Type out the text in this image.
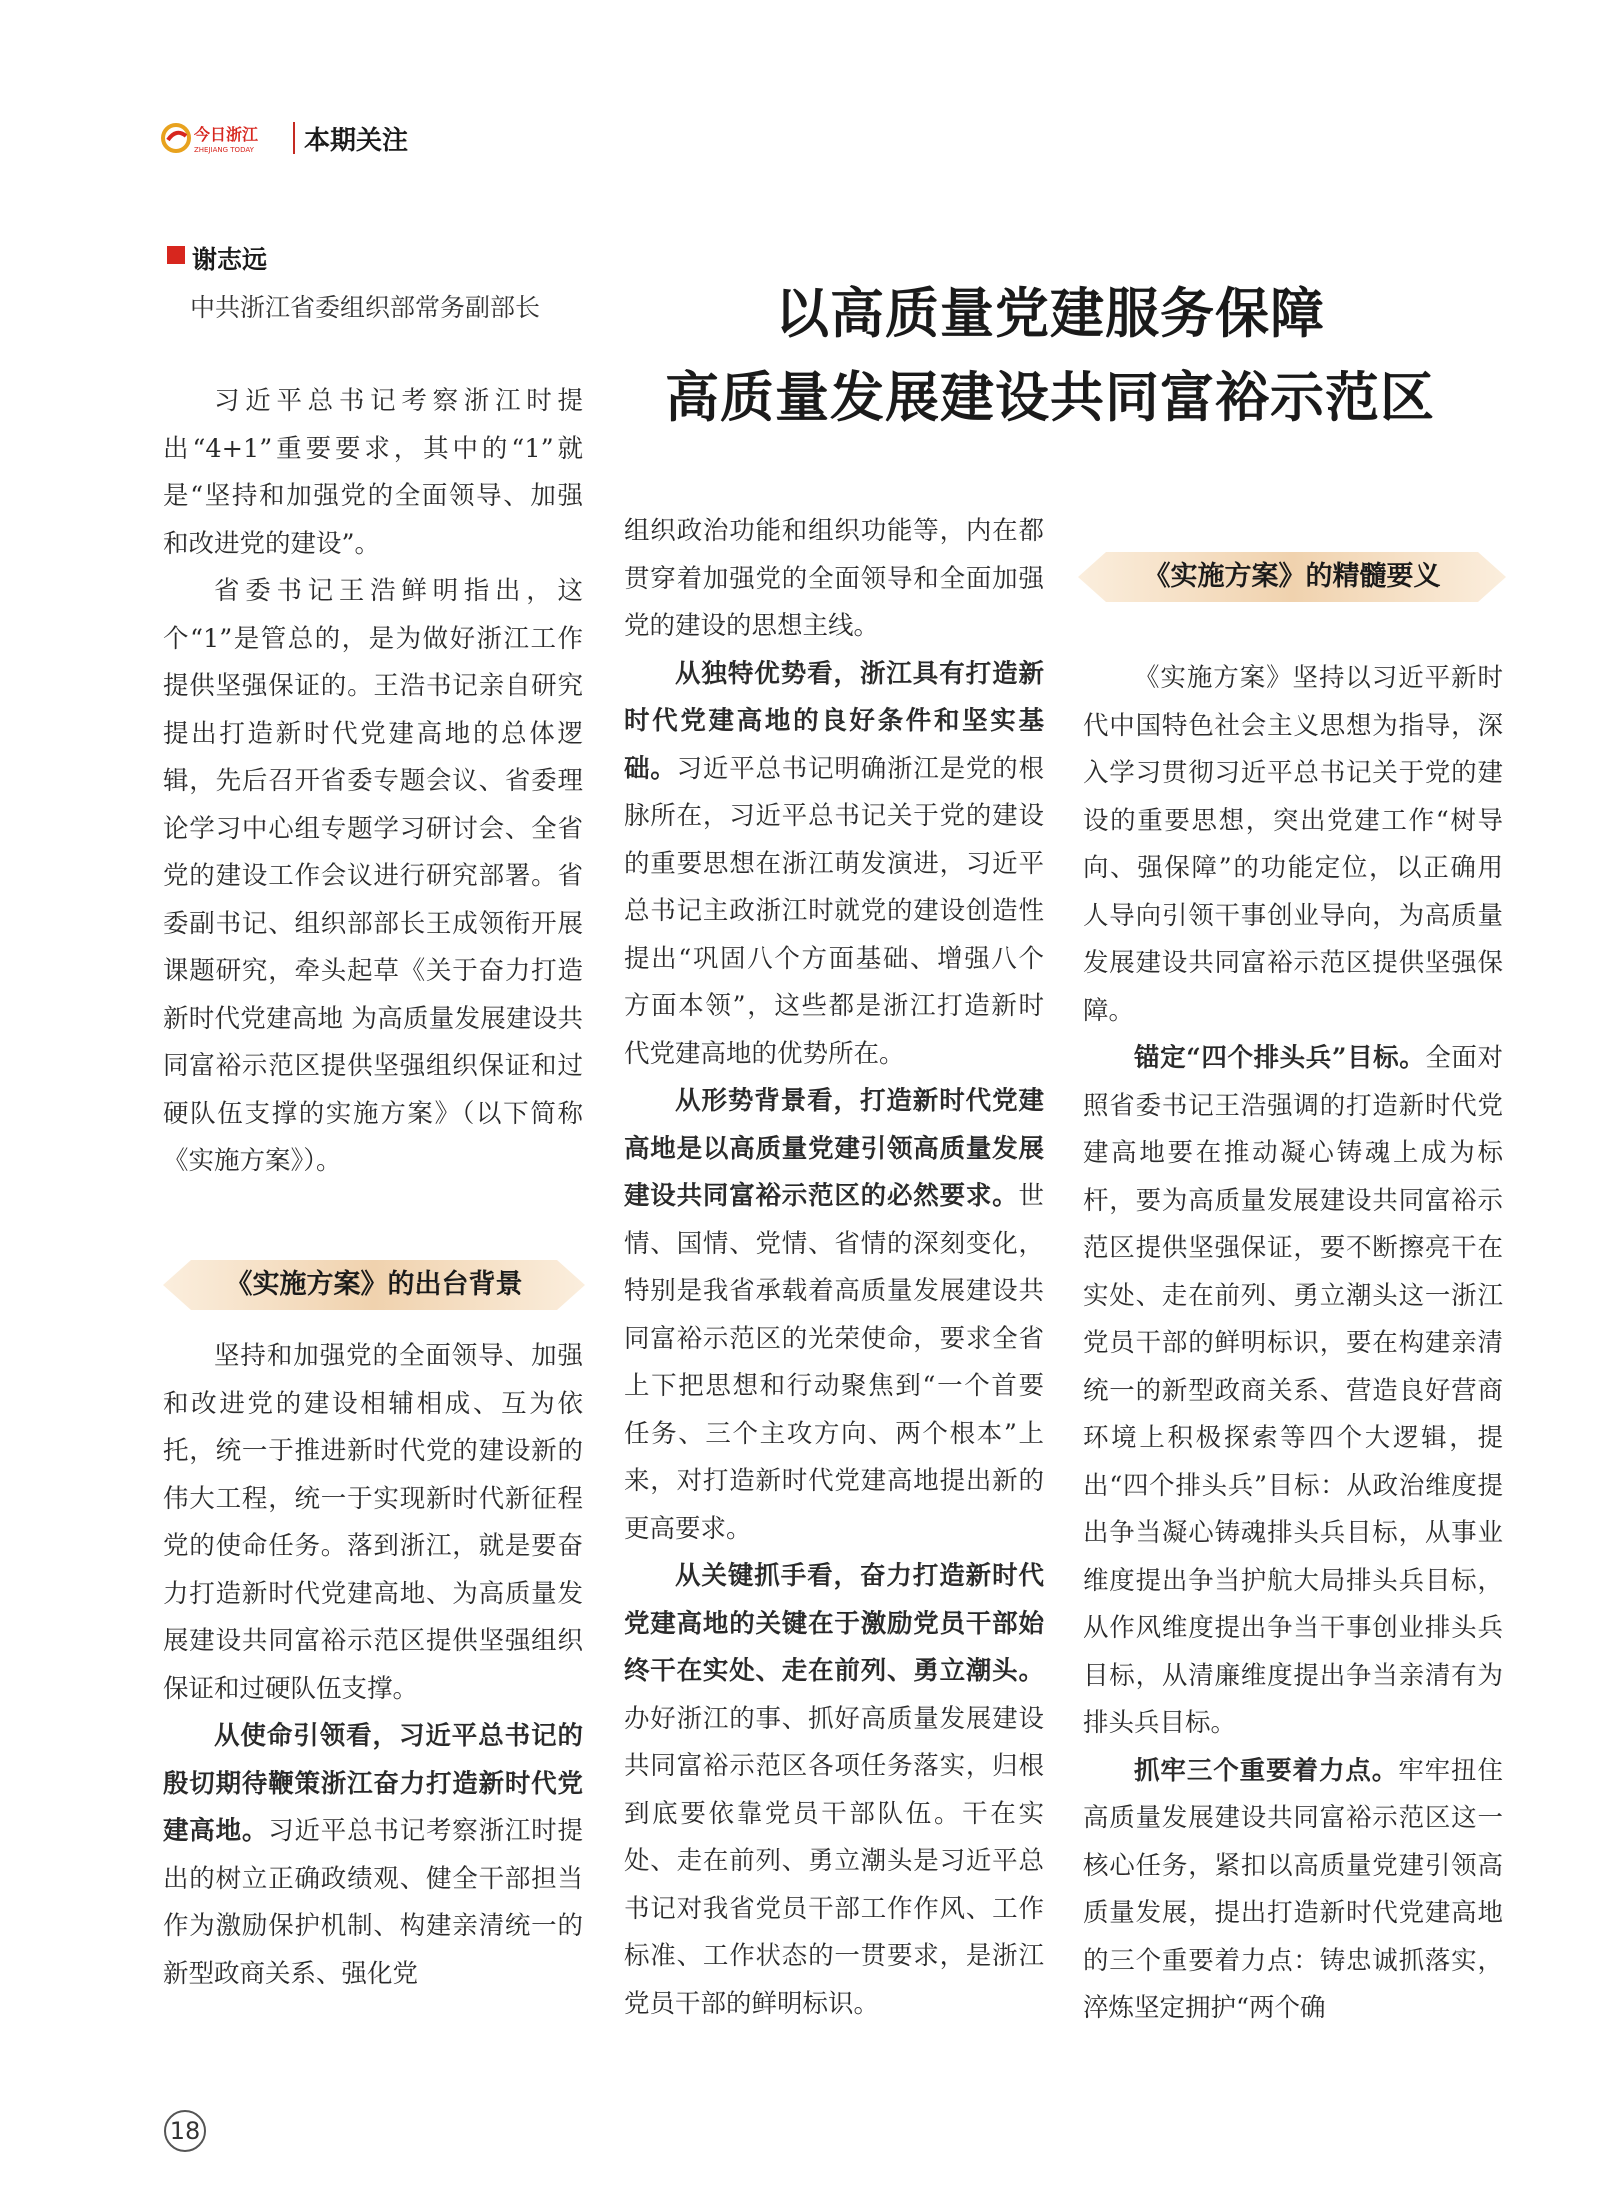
今日浙江
ZHEJIANG TODAY 本期关注
谢志远
中共浙江省委组织部常务副部长	以高质量党建服务保障
高质量发展建设共同富裕示范区

习近平总书记考察浙江时提出“4+1”重要要求，其中的“1”就是“坚持和加强党的全面领导、加强和改进党的建设”。

省委书记王浩鲜明指出，这个“1”是管总的，是为做好浙江工作提供坚强保证的。王浩书记亲自研究提出打造新时代党建高地的总体逻辑，先后召开省委专题会议、省委理论学习中心组专题学习研讨会、全省党的建设工作会议进行研究部署。省委副书记、组织部部长王成领衔开展课题研究，牵头起草《关于奋力打造新时代党建高地 为高质量发展建设共同富裕示范区提供坚强组织保证和过硬队伍支撑的实施方案》（以下简称《实施方案》）。

《实施方案》的出台背景

坚持和加强党的全面领导、加强和改进党的建设相辅相成、互为依托，统一于推进新时代党的建设新的伟大工程，统一于实现新时代新征程党的使命任务。落到浙江，就是要奋力打造新时代党建高地、为高质量发展建设共同富裕示范区提供坚强组织保证和过硬队伍支撑。

从使命引领看，习近平总书记的殷切期待鞭策浙江奋力打造新时代党建高地。习近平总书记考察浙江时提出的树立正确政绩观、健全干部担当作为激励保护机制、构建亲清统一的新型政商关系、强化党

组织政治功能和组织功能等，内在都贯穿着加强党的全面领导和全面加强党的建设的思想主线。

从独特优势看，浙江具有打造新时代党建高地的良好条件和坚实基础。习近平总书记明确浙江是党的根脉所在，习近平总书记关于党的建设的重要思想在浙江萌发演进，习近平总书记主政浙江时就党的建设创造性提出“巩固八个方面基础、增强八个方面本领”，这些都是浙江打造新时代党建高地的优势所在。

从形势背景看，打造新时代党建高地是以高质量党建引领高质量发展建设共同富裕示范区的必然要求。世情、国情、党情、省情的深刻变化，特别是我省承载着高质量发展建设共同富裕示范区的光荣使命，要求全省上下把思想和行动聚焦到“一个首要任务、三个主攻方向、两个根本”上来，对打造新时代党建高地提出新的更高要求。

从关键抓手看，奋力打造新时代党建高地的关键在于激励党员干部始终干在实处、走在前列、勇立潮头。办好浙江的事、抓好高质量发展建设共同富裕示范区各项任务落实，归根到底要依靠党员干部队伍。干在实处、走在前列、勇立潮头是习近平总书记对我省党员干部工作作风、工作标准、工作状态的一贯要求，是浙江党员干部的鲜明标识。

《实施方案》的精髓要义

《实施方案》坚持以习近平新时代中国特色社会主义思想为指导，深入学习贯彻习近平总书记关于党的建设的重要思想，突出党建工作“树导向、强保障”的功能定位，以正确用人导向引领干事创业导向，为高质量发展建设共同富裕示范区提供坚强保障。

锚定“四个排头兵”目标。全面对照省委书记王浩强调的打造新时代党建高地要在推动凝心铸魂上成为标杆，要为高质量发展建设共同富裕示范区提供坚强保证，要不断擦亮干在实处、走在前列、勇立潮头这一浙江党员干部的鲜明标识，要在构建亲清统一的新型政商关系、营造良好营商环境上积极探索等四个大逻辑，提出“四个排头兵”目标：从政治维度提出争当凝心铸魂排头兵目标，从事业维度提出争当护航大局排头兵目标，从作风维度提出争当干事创业排头兵目标，从清廉维度提出争当亲清有为排头兵目标。

抓牢三个重要着力点。牢牢扭住高质量发展建设共同富裕示范区这一核心任务，紧扣以高质量党建引领高质量发展，提出打造新时代党建高地的三个重要着力点：铸忠诚抓落实，淬炼坚定拥护“两个确

18
